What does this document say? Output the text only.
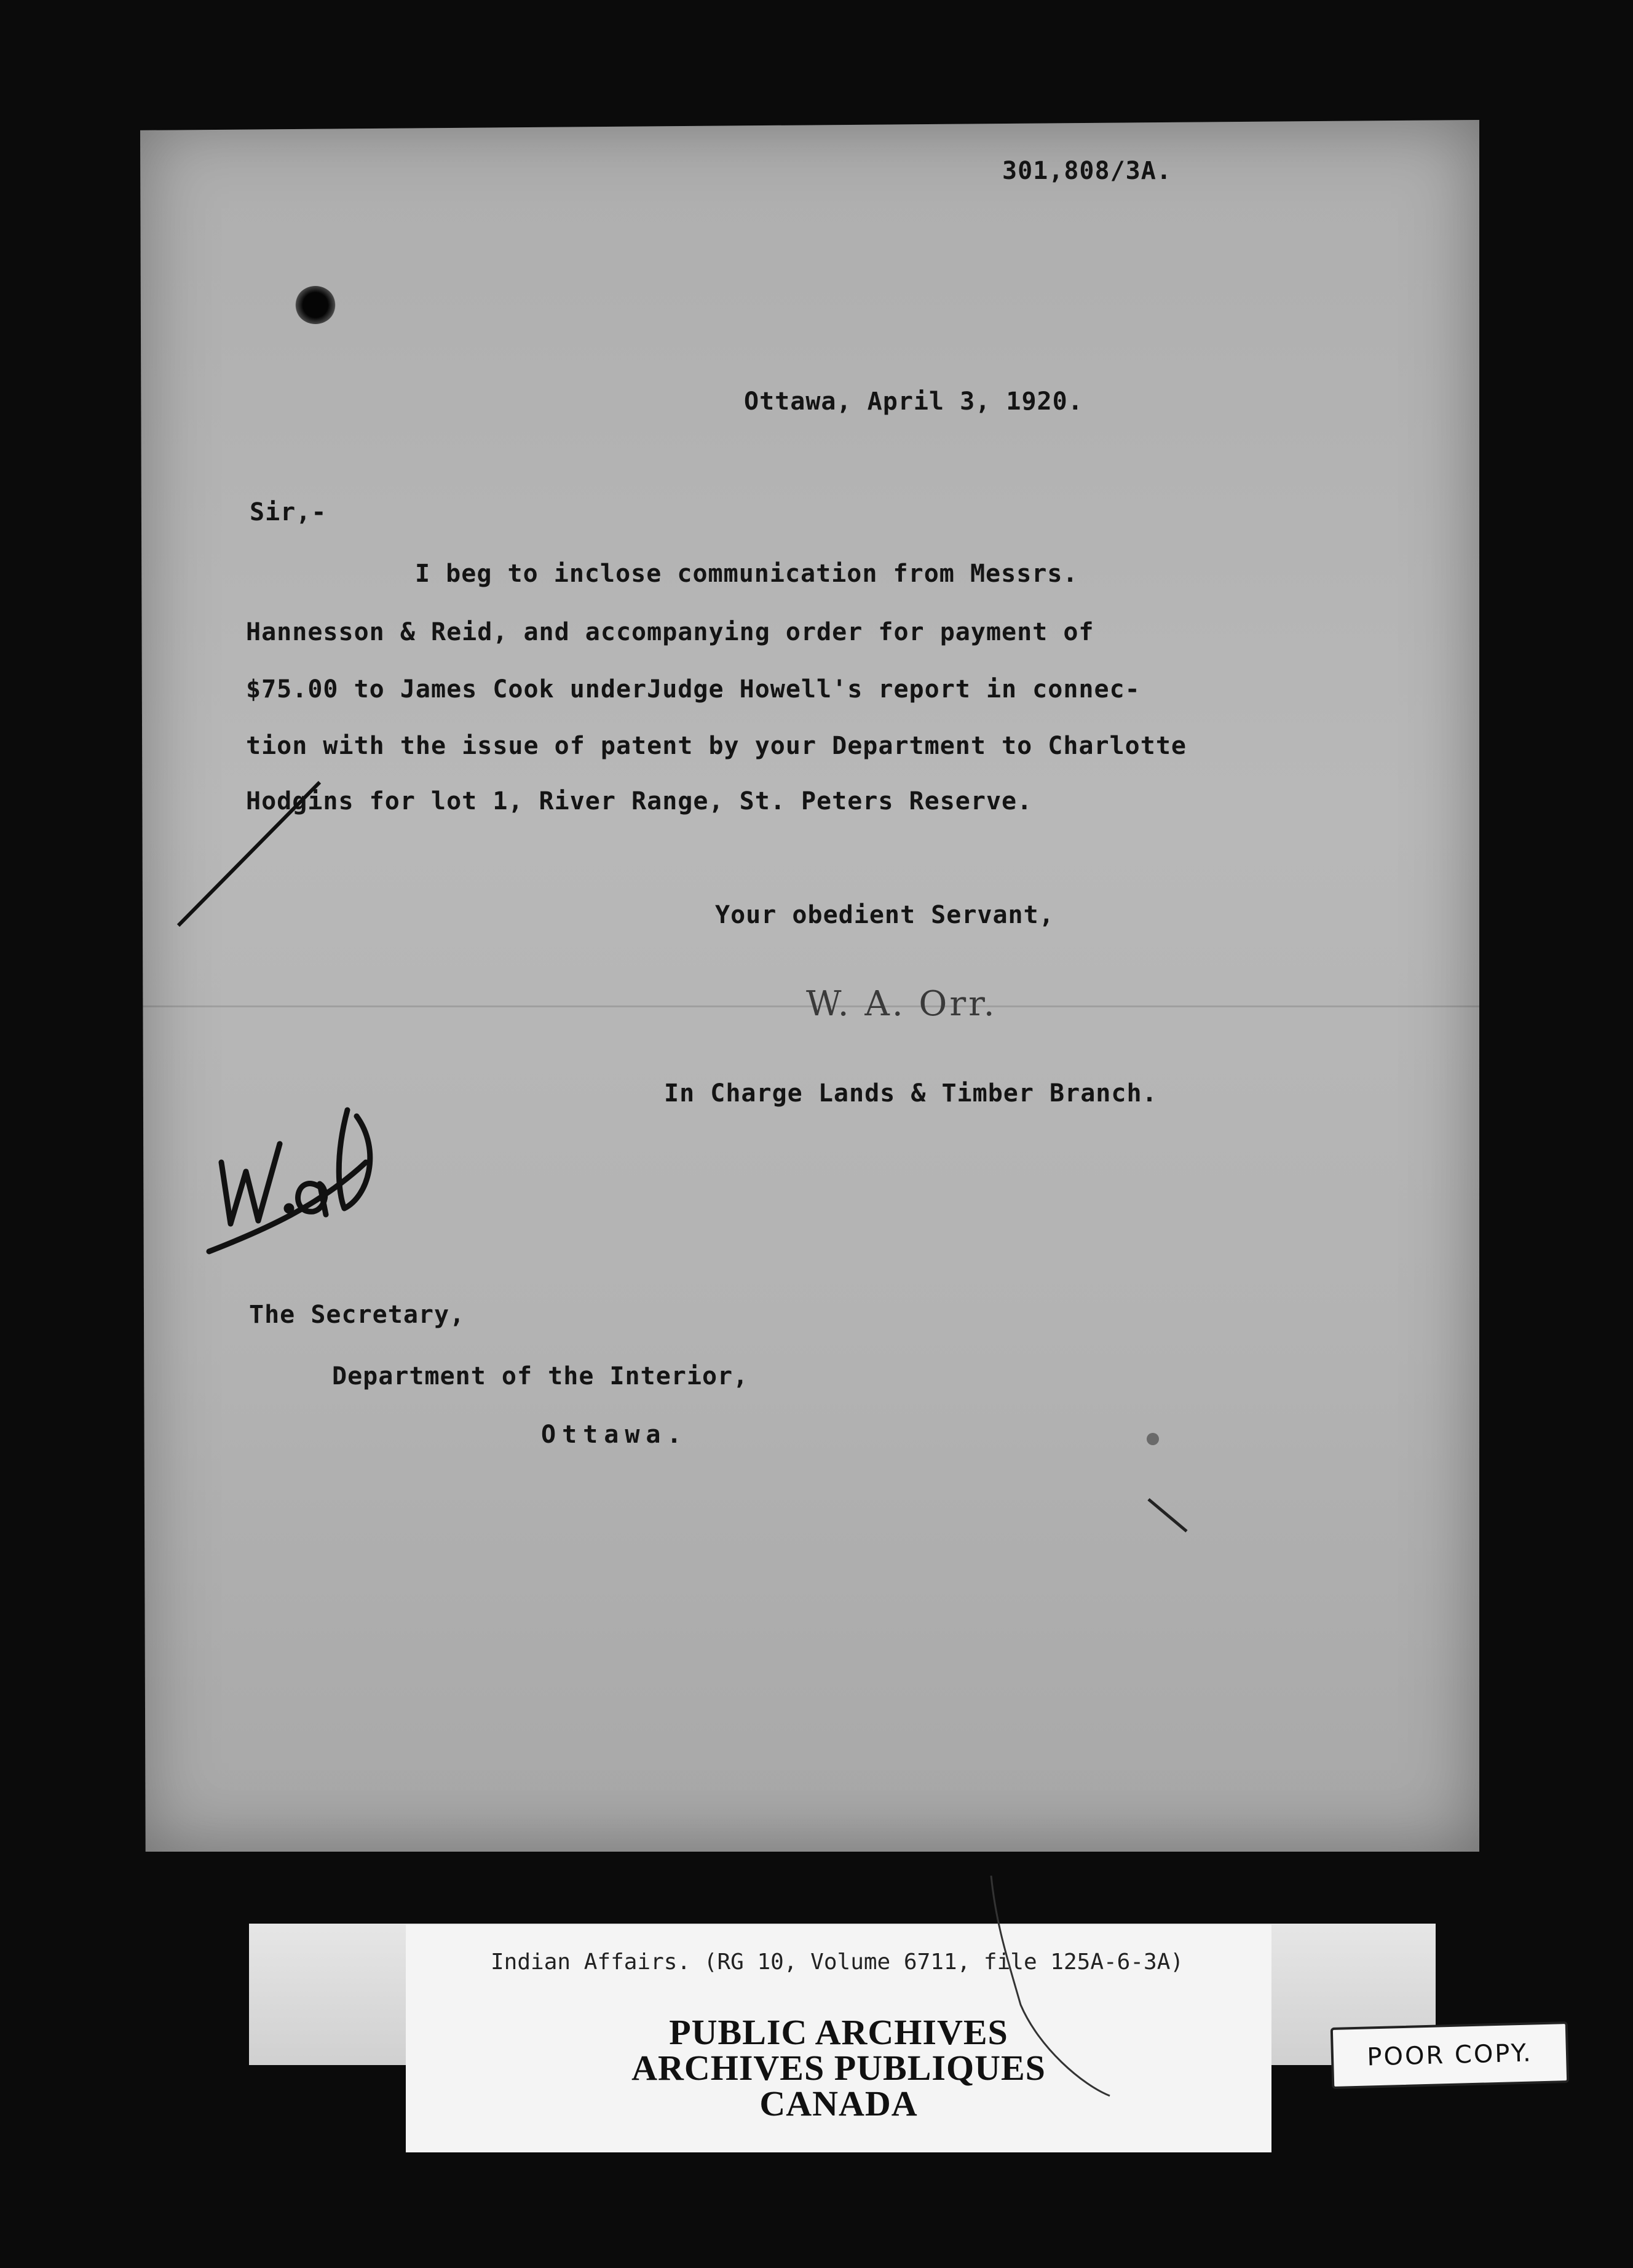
301,808/3A.
Ottawa, April 3, 1920.
Sir,-
I beg to inclose communication from Messrs.
Hannesson & Reid, and accompanying order for payment of
$75.00 to James Cook underJudge Howell's report in connec-
tion with the issue of patent by your Department to Charlotte
Hodgins for lot 1, River Range, St. Peters Reserve.
Your obedient Servant,
W. A. Orr.
In Charge Lands & Timber Branch.
The Secretary,
Department of the Interior,
Ottawa.
Indian Affairs. (RG 10, Volume 6711, file 125A-6-3A)
PUBLIC ARCHIVES
ARCHIVES PUBLIQUES
CANADA
POOR COPY.
